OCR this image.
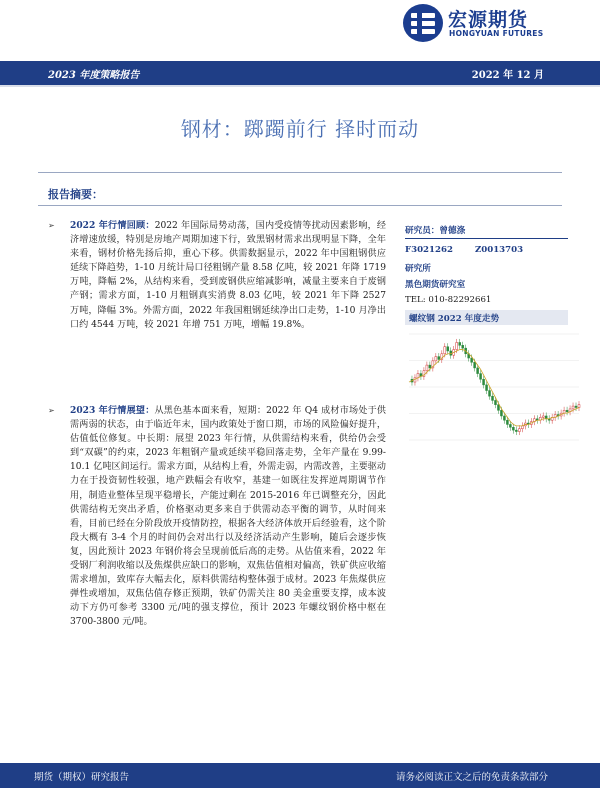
宏源期货
HONGYUAN FUTURES
2023 年度策略报告	2022 年 12 月
钢材：踯躅前行 择时而动
报告摘要：
➢ 2022 年行情回顾：2022 年国际局势动荡，国内受疫情等扰动因素影响，经济增速放缓，特别是房地产周期加速下行，致黑钢材需求出现明显下降，全年来看，钢材价格先扬后抑，重心下移。供需数据显示，2022 年中国粗钢供应延续下降趋势，1-10 月统计局口径粗钢产量 8.58 亿吨，较 2021 年降 1719 万吨，降幅 2%，从结构来看，受到废钢供应缩减影响，减量主要来自于废钢产钢；需求方面，1-10 月粗钢真实消费 8.03 亿吨，较 2021 年下降 2527 万吨，降幅 3%。外需方面，2022 年我国粗钢延续净出口走势，1-10 月净出口约 4544 万吨，较 2021 年增 751 万吨，增幅 19.8%。
➢ 2023 年行情展望：从黑色基本面来看，短期：2022 年 Q4 成材市场处于供需两弱的状态，由于临近年末，国内政策处于窗口期，市场的风险偏好提升，估值低位修复。中长期：展望 2023 年行情，从供需结构来看，供给仍会受到“双碳”的约束，2023 年粗钢产量或延续平稳回落走势，全年产量在 9.99-10.1 亿吨区间运行。需求方面，从结构上看，外需走弱，内需改善，主要驱动力在于投资韧性较强，地产跌幅会有收窄，基建一如既往发挥逆周期调节作用，制造业整体呈现平稳增长，产能过剩在 2015-2016 年已调整充分，因此供需结构无突出矛盾，价格驱动更多来自于供需动态平衡的调节，从时间来看，目前已经在分阶段放开疫情防控，根据各大经济体放开后经验看，这个阶段大概有 3-4 个月的时间仍会对出行以及经济活动产生影响，随后会逐步恢复，因此预计 2023 年钢价将会呈现前低后高的走势。从估值来看，2022 年受钢厂利润收缩以及焦煤供应缺口的影响，双焦估值相对偏高，铁矿供应收缩需求增加，致库存大幅去化，原料供需结构整体强于成材。2023 年焦煤供应弹性或增加，双焦估值存修正预期，铁矿仍需关注 80 美金重要支撑，成本波动下方仍可参考 3300 元/吨的强支撑位，预计 2023 年螺纹钢价格中枢在 3700-3800 元/吨。
研究员：曾德涤
F3021262	Z0013703
研究所
黑色期货研究室
TEL: 010-82292661
螺纹钢 2022 年度走势
期货（期权）研究报告	请务必阅读正文之后的免责条款部分
